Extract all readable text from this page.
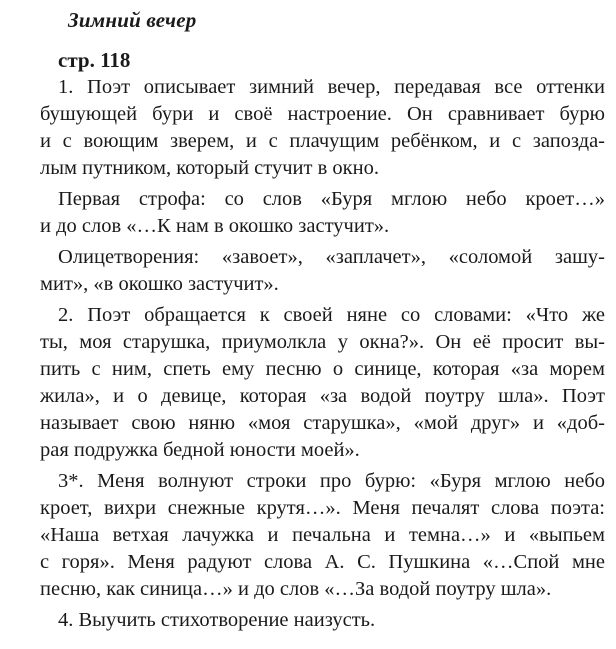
Зимний вечер
стр. 118
1. Поэт описывает зимний вечер, передавая все оттенки
бушующей бури и своё настроение. Он сравнивает бурю
и с воющим зверем, и с плачущим ребёнком, и с запозда-
лым путником, который стучит в окно.
Первая строфа: со слов «Буря мглою небо кроет…»
и до слов «…К нам в окошко застучит».
Олицетворения: «завоет», «заплачет», «соломой зашу-
мит», «в окошко застучит».
2. Поэт обращается к своей няне со словами: «Что же
ты, моя старушка, приумолкла у окна?». Он её просит вы-
пить с ним, спеть ему песню о синице, которая «за морем
жила», и о девице, которая «за водой поутру шла». Поэт
называет свою няню «моя старушка», «мой друг» и «доб-
рая подружка бедной юности моей».
3*. Меня волнуют строки про бурю: «Буря мглою небо
кроет, вихри снежные крутя…». Меня печалят слова поэта:
«Наша ветхая лачужка и печальна и темна…» и «выпьем
с горя». Меня радуют слова А. С. Пушкина «…Спой мне
песню, как синица…» и до слов «…За водой поутру шла».
4. Выучить стихотворение наизусть.
